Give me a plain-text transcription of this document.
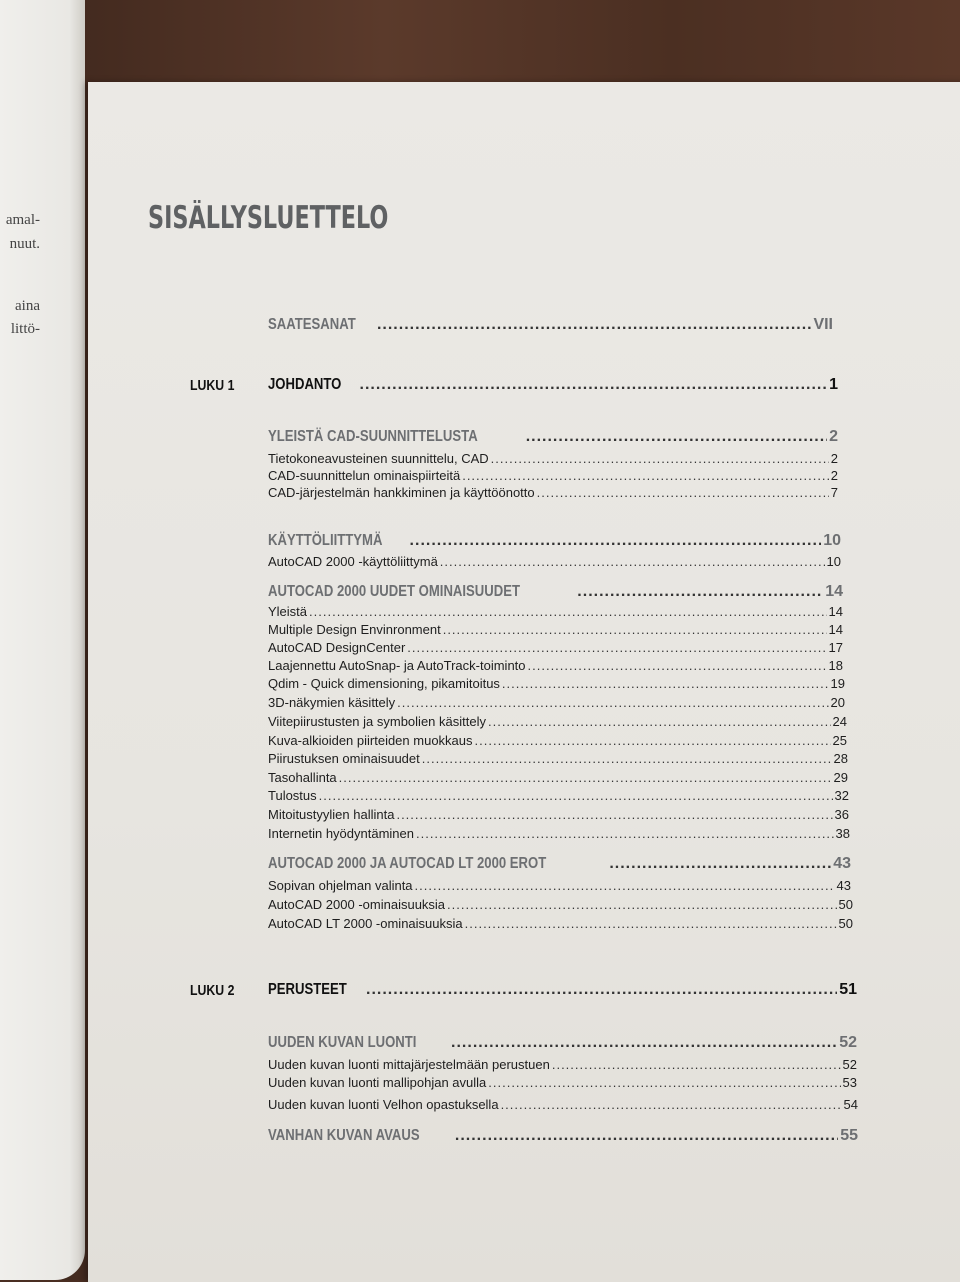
amal-
nuut.
aina
littö-
SISÄLLYSLUETTELO
SAATESANAT .....	VII
LUKU 1 JOHDANTO .....	1
YLEISTÄ CAD-SUUNNITTELUSTA .....	2
Tietokoneavusteinen suunnittelu, CAD .....	2
CAD-suunnittelun ominaispiirteitä .....	2
CAD-järjestelmän hankkiminen ja käyttöönotto .....	7
KÄYTTÖLIITTYMÄ .....	10
AutoCAD 2000 -käyttöliittymä .....	10
AUTOCAD 2000 UUDET OMINAISUUDET .....	14
Yleistä .....	14
Multiple Design Envinronment .....	14
AutoCAD DesignCenter .....	17
Laajennettu AutoSnap- ja AutoTrack-toiminto .....	18
Qdim - Quick dimensioning, pikamitoitus .....	19
3D-näkymien käsittely .....	20
Viitepiirustusten ja symbolien käsittely .....	24
Kuva-alkioiden piirteiden muokkaus .....	25
Piirustuksen ominaisuudet .....	28
Tasohallinta .....	29
Tulostus .....	32
Mitoitustyylien hallinta .....	36
Internetin hyödyntäminen .....	38
AUTOCAD 2000 JA AUTOCAD LT 2000 EROT .....	43
Sopivan ohjelman valinta .....	43
AutoCAD 2000 -ominaisuuksia .....	50
AutoCAD LT 2000 -ominaisuuksia .....	50
LUKU 2 PERUSTEET .....	51
UUDEN KUVAN LUONTI .....	52
Uuden kuvan luonti mittajärjestelmään perustuen .....	52
Uuden kuvan luonti mallipohjan avulla .....	53
Uuden kuvan luonti Velhon opastuksella .....	54
VANHAN KUVAN AVAUS .....	55
